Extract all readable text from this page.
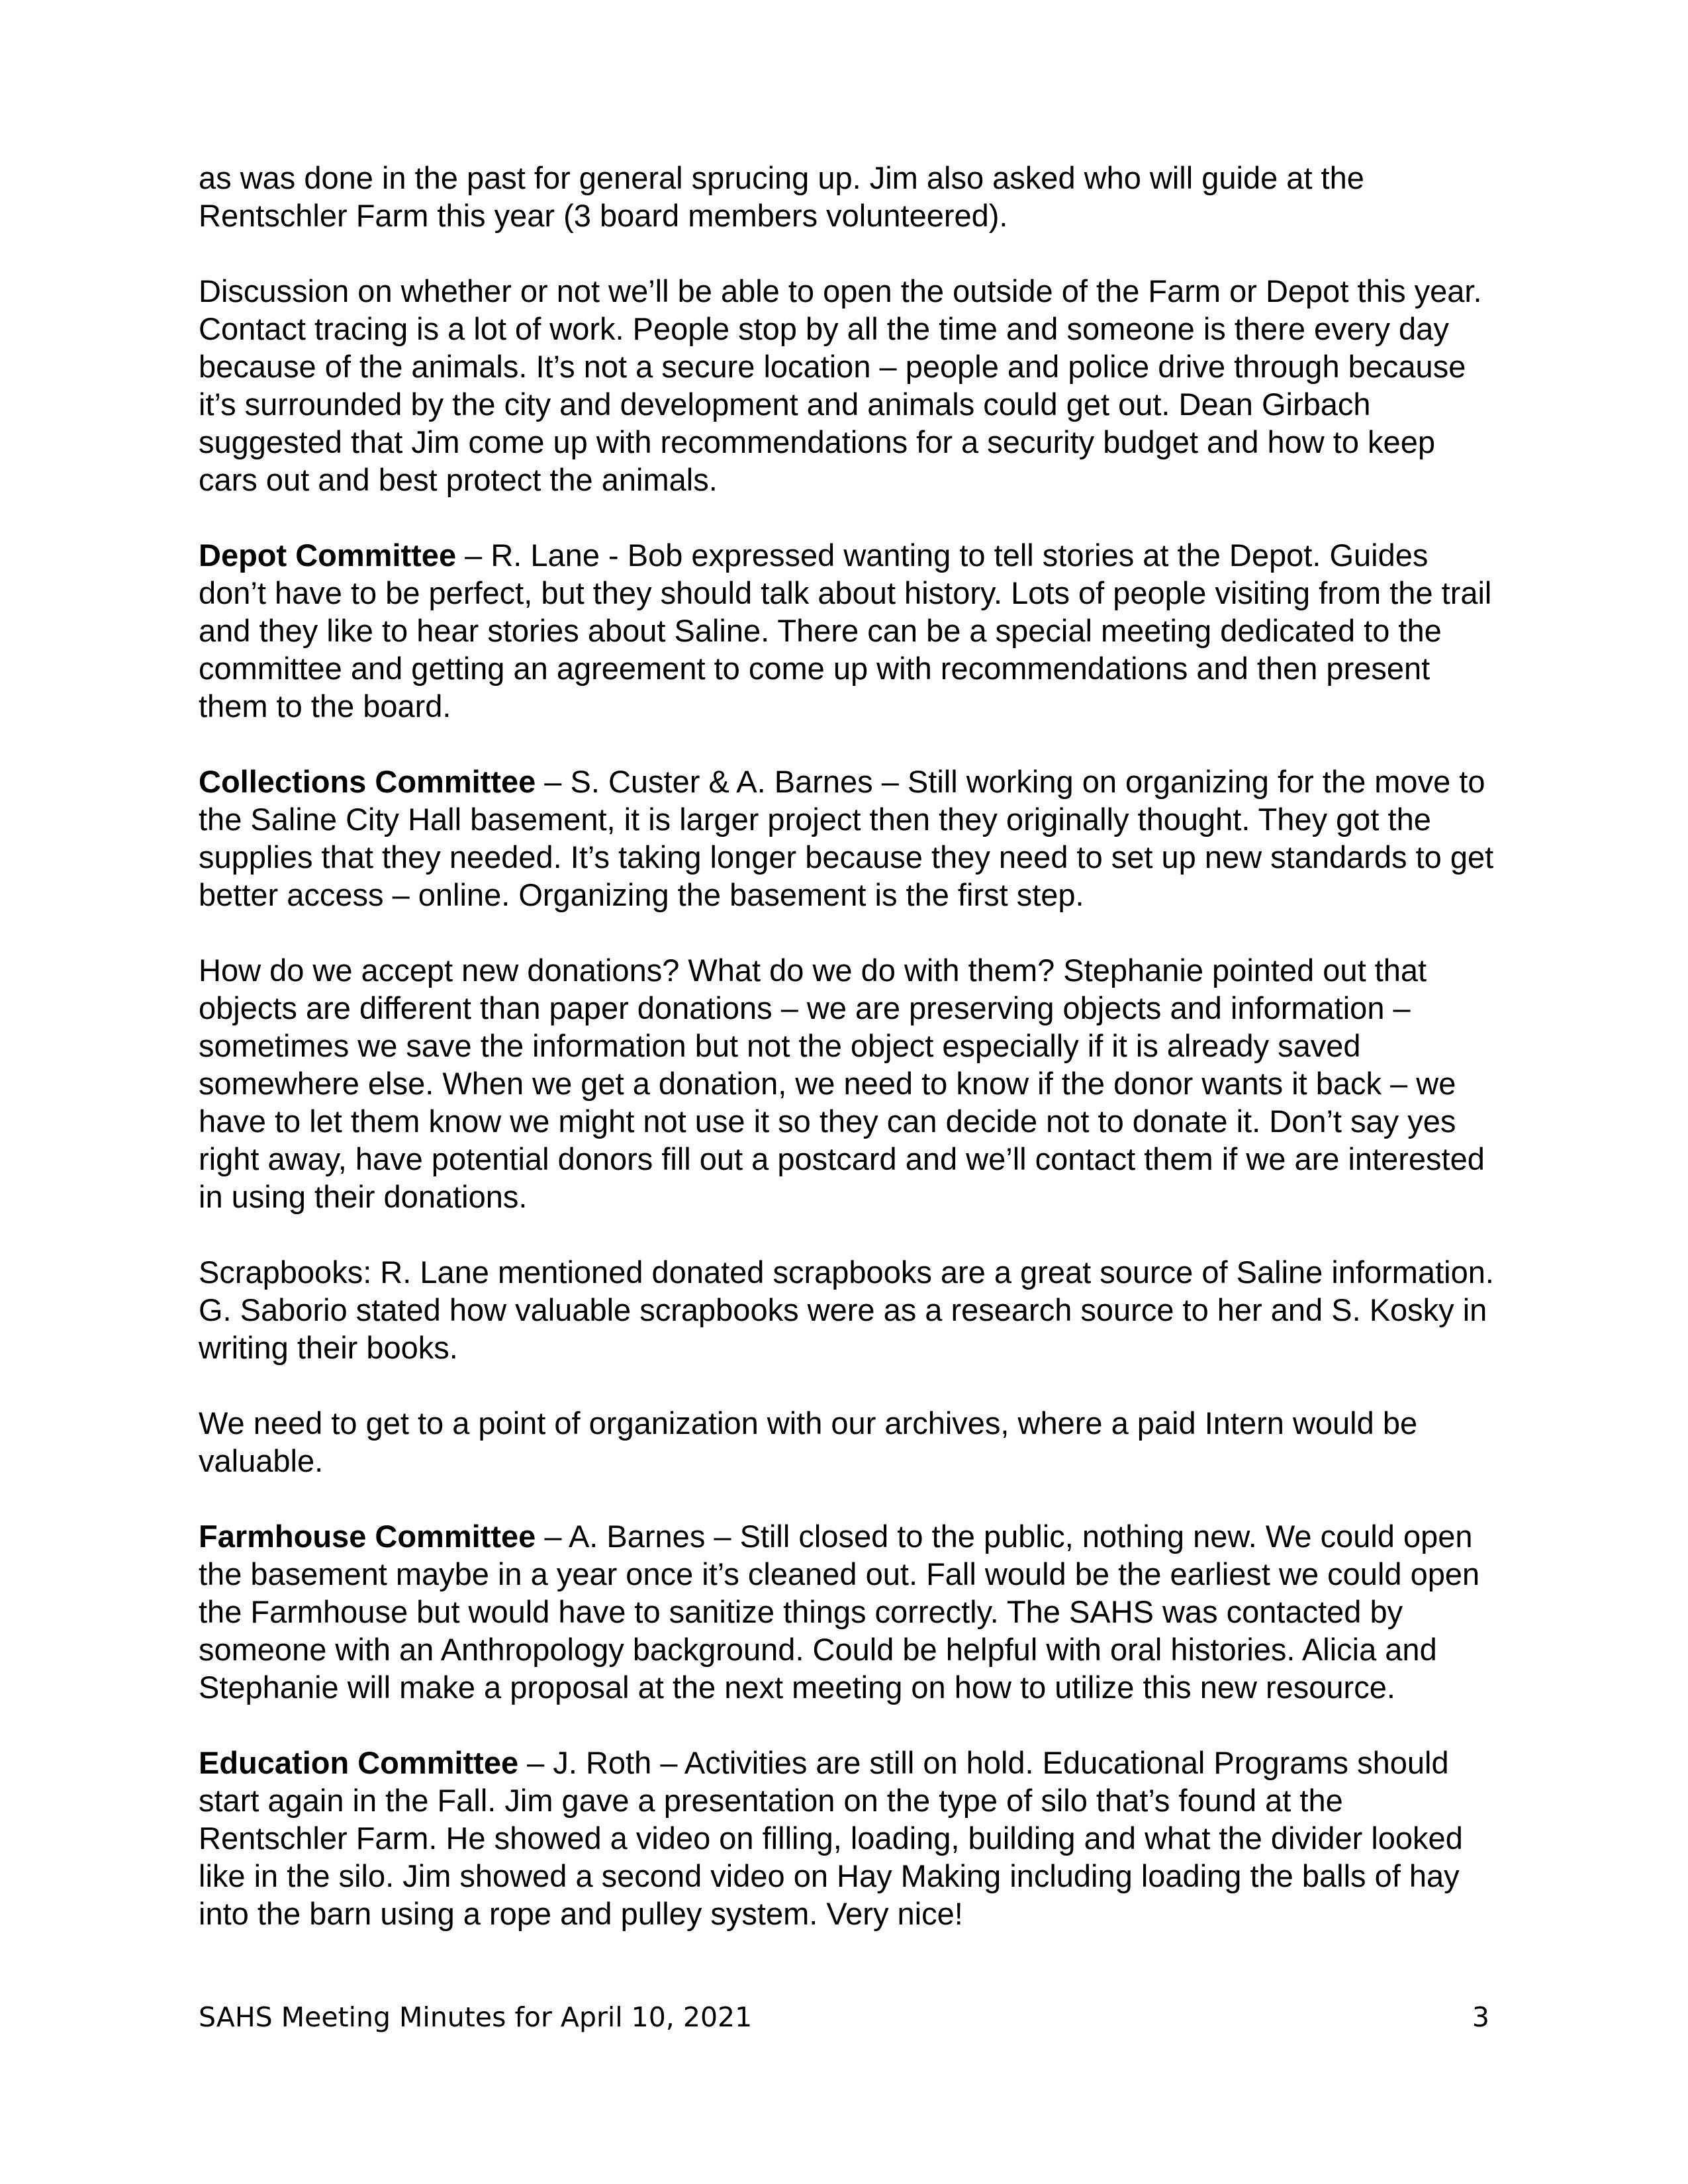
as was done in the past for general sprucing up. Jim also asked who will guide at the Rentschler Farm this year (3 board members volunteered).

Discussion on whether or not we’ll be able to open the outside of the Farm or Depot this year. Contact tracing is a lot of work. People stop by all the time and someone is there every day because of the animals. It’s not a secure location – people and police drive through because it’s surrounded by the city and development and animals could get out. Dean Girbach suggested that Jim come up with recommendations for a security budget and how to keep cars out and best protect the animals.

Depot Committee – R. Lane - Bob expressed wanting to tell stories at the Depot. Guides don’t have to be perfect, but they should talk about history. Lots of people visiting from the trail and they like to hear stories about Saline. There can be a special meeting dedicated to the committee and getting an agreement to come up with recommendations and then present them to the board.

Collections Committee – S. Custer & A. Barnes – Still working on organizing for the move to the Saline City Hall basement, it is larger project then they originally thought. They got the supplies that they needed. It’s taking longer because they need to set up new standards to get better access – online. Organizing the basement is the first step.

How do we accept new donations? What do we do with them? Stephanie pointed out that objects are different than paper donations – we are preserving objects and information – sometimes we save the information but not the object especially if it is already saved somewhere else. When we get a donation, we need to know if the donor wants it back – we have to let them know we might not use it so they can decide not to donate it. Don’t say yes right away, have potential donors fill out a postcard and we’ll contact them if we are interested in using their donations.

Scrapbooks: R. Lane mentioned donated scrapbooks are a great source of Saline information. G. Saborio stated how valuable scrapbooks were as a research source to her and S. Kosky in writing their books.

We need to get to a point of organization with our archives, where a paid Intern would be valuable.

Farmhouse Committee – A. Barnes – Still closed to the public, nothing new. We could open the basement maybe in a year once it’s cleaned out. Fall would be the earliest we could open the Farmhouse but would have to sanitize things correctly. The SAHS was contacted by someone with an Anthropology background. Could be helpful with oral histories. Alicia and Stephanie will make a proposal at the next meeting on how to utilize this new resource.

Education Committee – J. Roth – Activities are still on hold. Educational Programs should start again in the Fall. Jim gave a presentation on the type of silo that’s found at the Rentschler Farm. He showed a video on filling, loading, building and what the divider looked like in the silo. Jim showed a second video on Hay Making including loading the balls of hay into the barn using a rope and pulley system. Very nice!

SAHS Meeting Minutes for April 10, 2021	3
